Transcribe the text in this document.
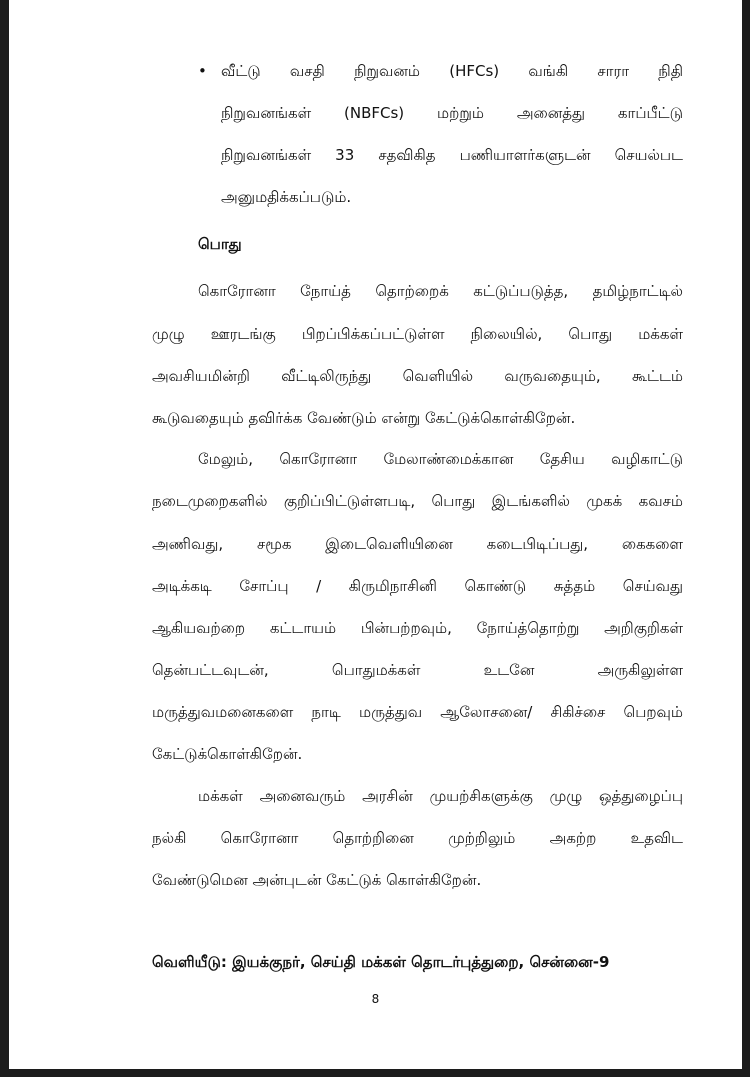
• வீட்டு வசதி நிறுவனம் (HFCs) வங்கி சாரா நிதி
நிறுவனங்கள் (NBFCs) மற்றும் அனைத்து காப்பீட்டு
நிறுவனங்கள் 33 சதவிகித பணியாளர்களுடன் செயல்பட
அனுமதிக்கப்படும்.
பொது
கொரோனா நோய்த் தொற்றைக் கட்டுப்படுத்த, தமிழ்நாட்டில்
முழு ஊரடங்கு பிறப்பிக்கப்பட்டுள்ள நிலையில், பொது மக்கள்
அவசியமின்றி வீட்டிலிருந்து வெளியில் வருவதையும், கூட்டம்
கூடுவதையும் தவிர்க்க வேண்டும் என்று கேட்டுக்கொள்கிறேன்.
மேலும், கொரோனா மேலாண்மைக்கான தேசிய வழிகாட்டு
நடைமுறைகளில் குறிப்பிட்டுள்ளபடி, பொது இடங்களில் முகக் கவசம்
அணிவது, சமூக இடைவெளியினை கடைபிடிப்பது, கைகளை
அடிக்கடி சோப்பு / கிருமிநாசினி கொண்டு சுத்தம் செய்வது
ஆகியவற்றை கட்டாயம் பின்பற்றவும், நோய்த்தொற்று அறிகுறிகள்
தென்பட்டவுடன், பொதுமக்கள் உடனே அருகிலுள்ள
மருத்துவமனைகளை நாடி மருத்துவ ஆலோசனை/ சிகிச்சை பெறவும்
கேட்டுக்கொள்கிறேன்.
மக்கள் அனைவரும் அரசின் முயற்சிகளுக்கு முழு ஒத்துழைப்பு
நல்கி கொரோனா தொற்றினை முற்றிலும் அகற்ற உதவிட
வேண்டுமென அன்புடன் கேட்டுக் கொள்கிறேன்.
வெளியீடு: இயக்குநர், செய்தி மக்கள் தொடர்புத்துறை, சென்னை-9
8
